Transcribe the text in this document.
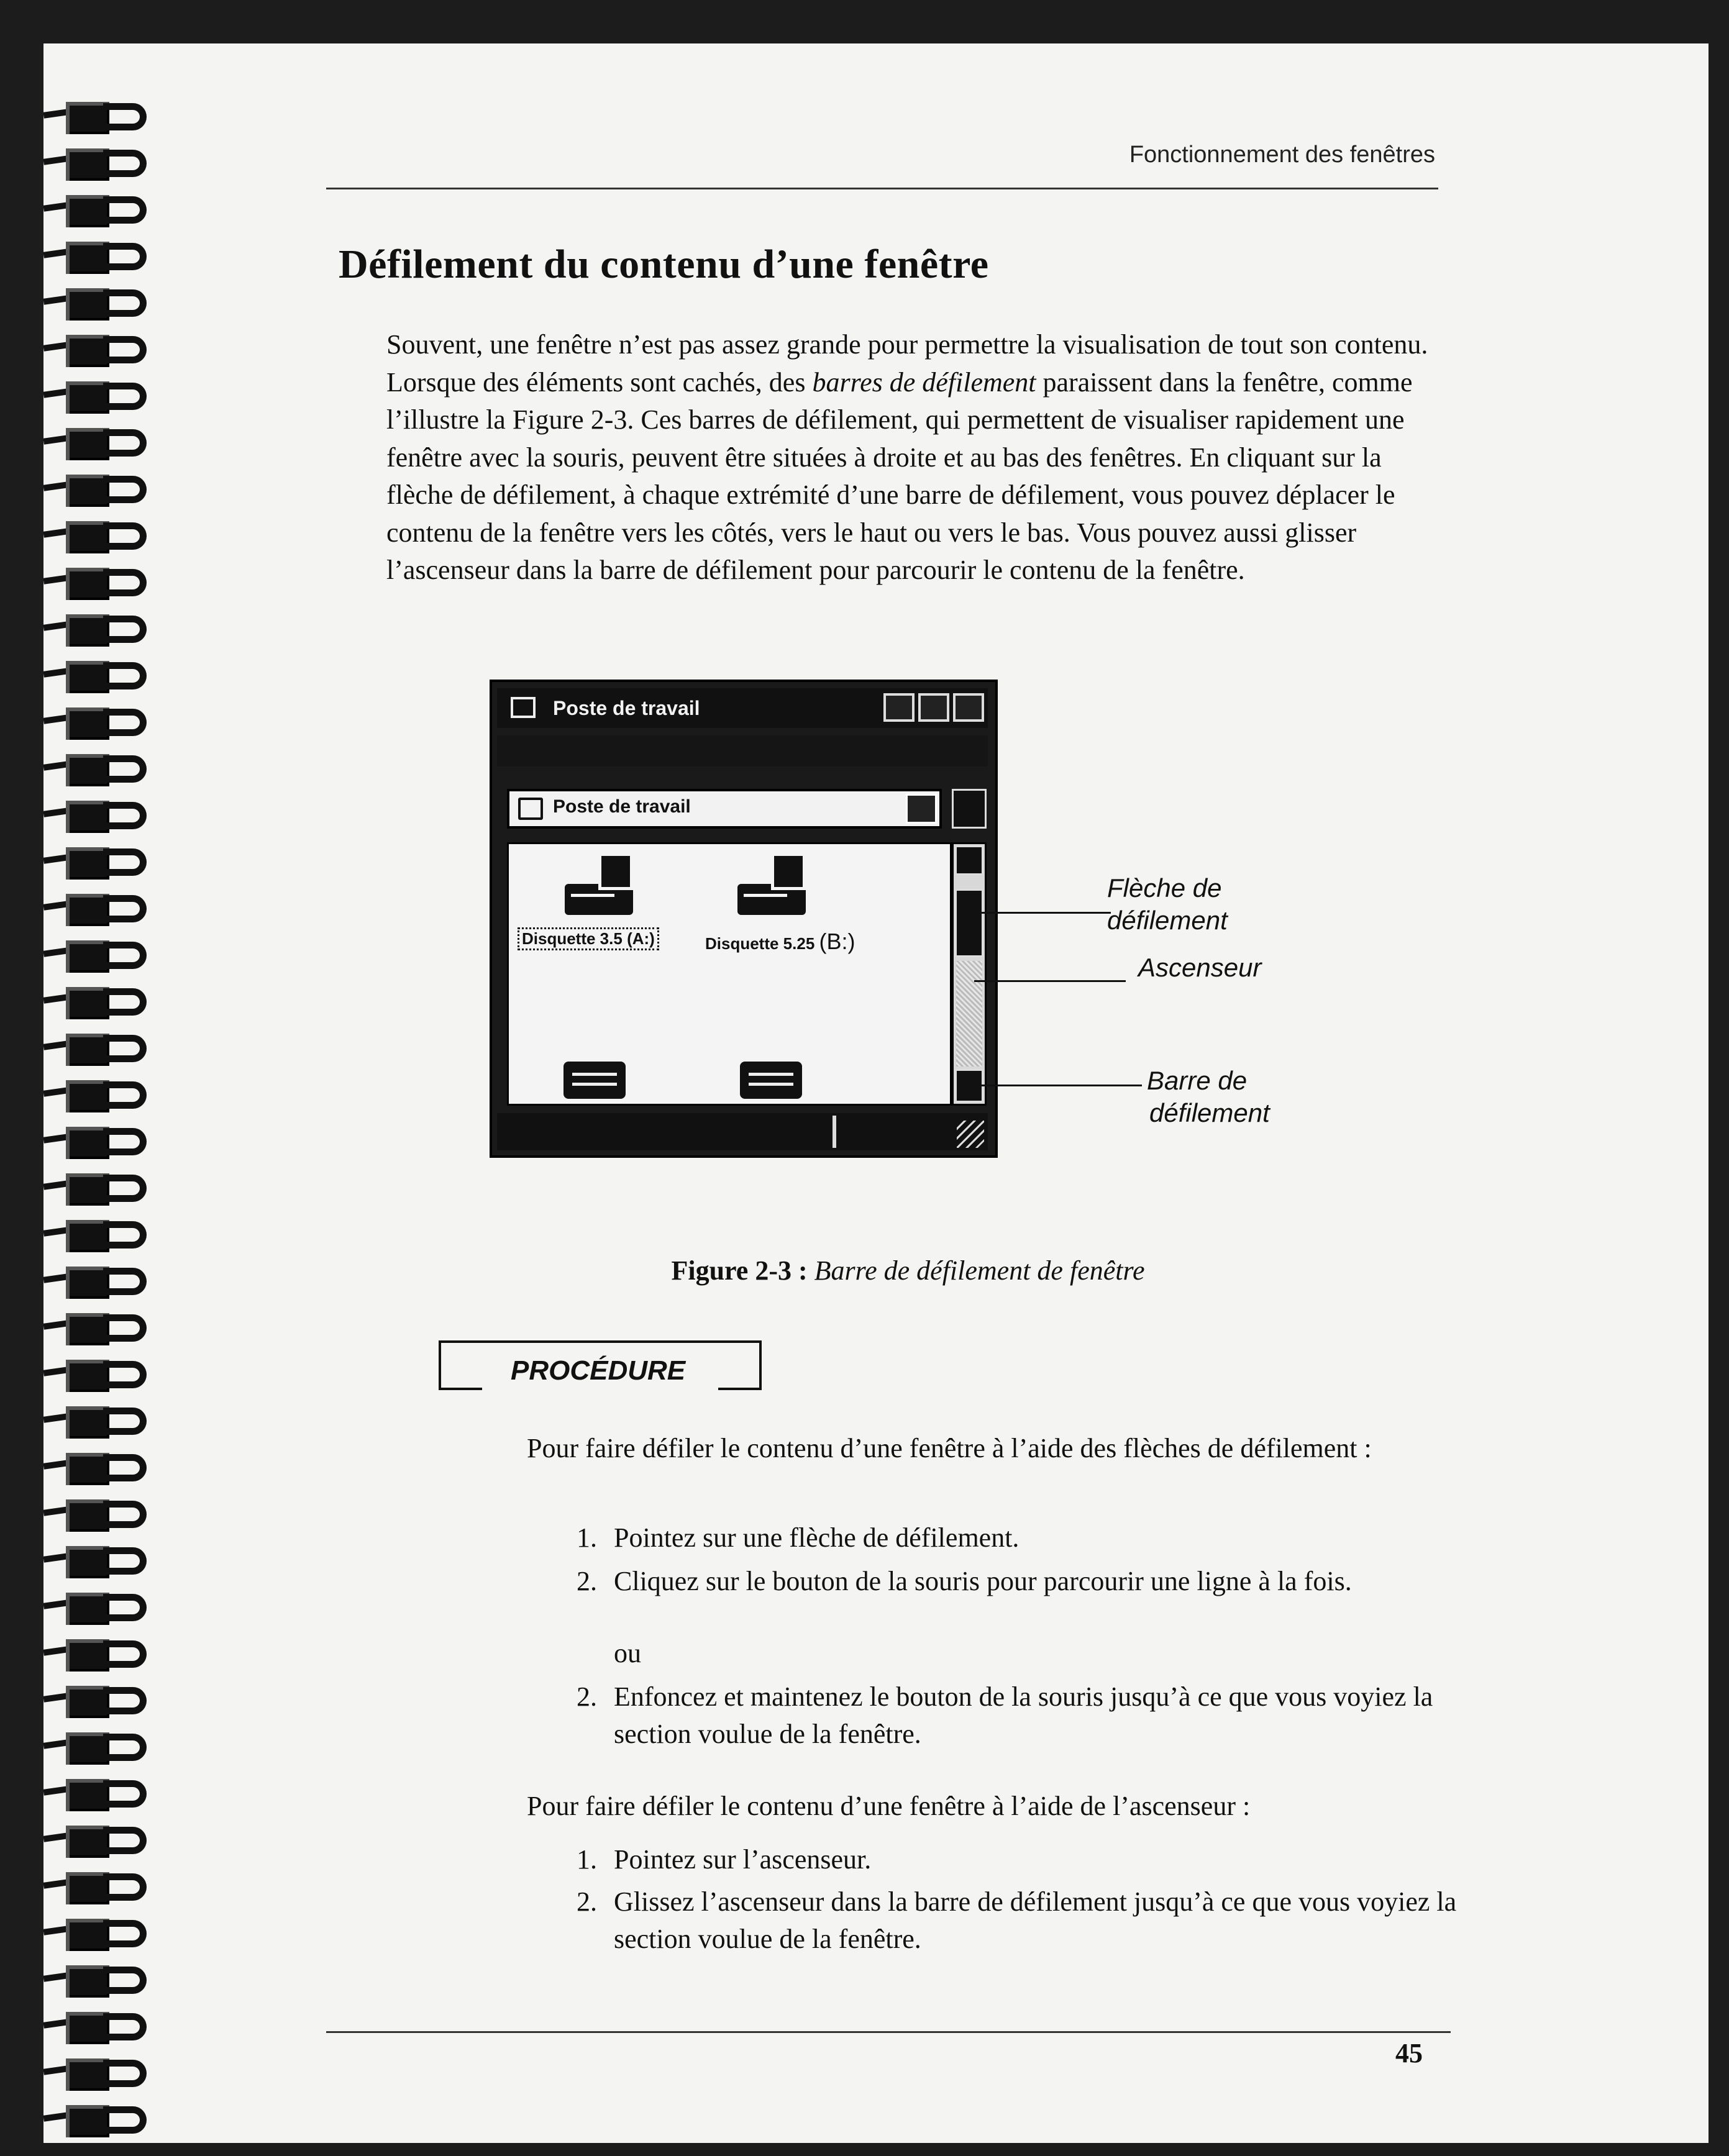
Fonctionnement des fenêtres
Défilement du contenu d’une fenêtre

Souvent, une fenêtre n’est pas assez grande pour permettre la visualisation de tout son contenu. Lorsque des éléments sont cachés, des barres de défilement paraissent dans la fenêtre, comme l’illustre la Figure 2-3. Ces barres de défilement, qui permettent de visualiser rapidement une fenêtre avec la souris, peuvent être situées à droite et au bas des fenêtres. En cliquant sur la flèche de défilement, à chaque extrémité d’une barre de défilement, vous pouvez déplacer le contenu de la fenêtre vers les côtés, vers le haut ou vers le bas. Vous pouvez aussi glisser l’ascenseur dans la barre de défilement pour parcourir le contenu de la fenêtre.

Poste de travail
Poste de travail
Disquette 3.5 (A:)	Disquette 5.25 (B:)
Flèche de
défilement
Ascenseur
Barre de
défilement

Figure 2-3 : Barre de défilement de fenêtre

PROCÉDURE

Pour faire défiler le contenu d’une fenêtre à l’aide des flèches de défilement :

1. Pointez sur une flèche de défilement.
2. Cliquez sur le bouton de la souris pour parcourir une ligne à la fois.
ou
2. Enfoncez et maintenez le bouton de la souris jusqu’à ce que vous voyiez la section voulue de la fenêtre.

Pour faire défiler le contenu d’une fenêtre à l’aide de l’ascenseur :

1. Pointez sur l’ascenseur.
2. Glissez l’ascenseur dans la barre de défilement jusqu’à ce que vous voyiez la section voulue de la fenêtre.
45
